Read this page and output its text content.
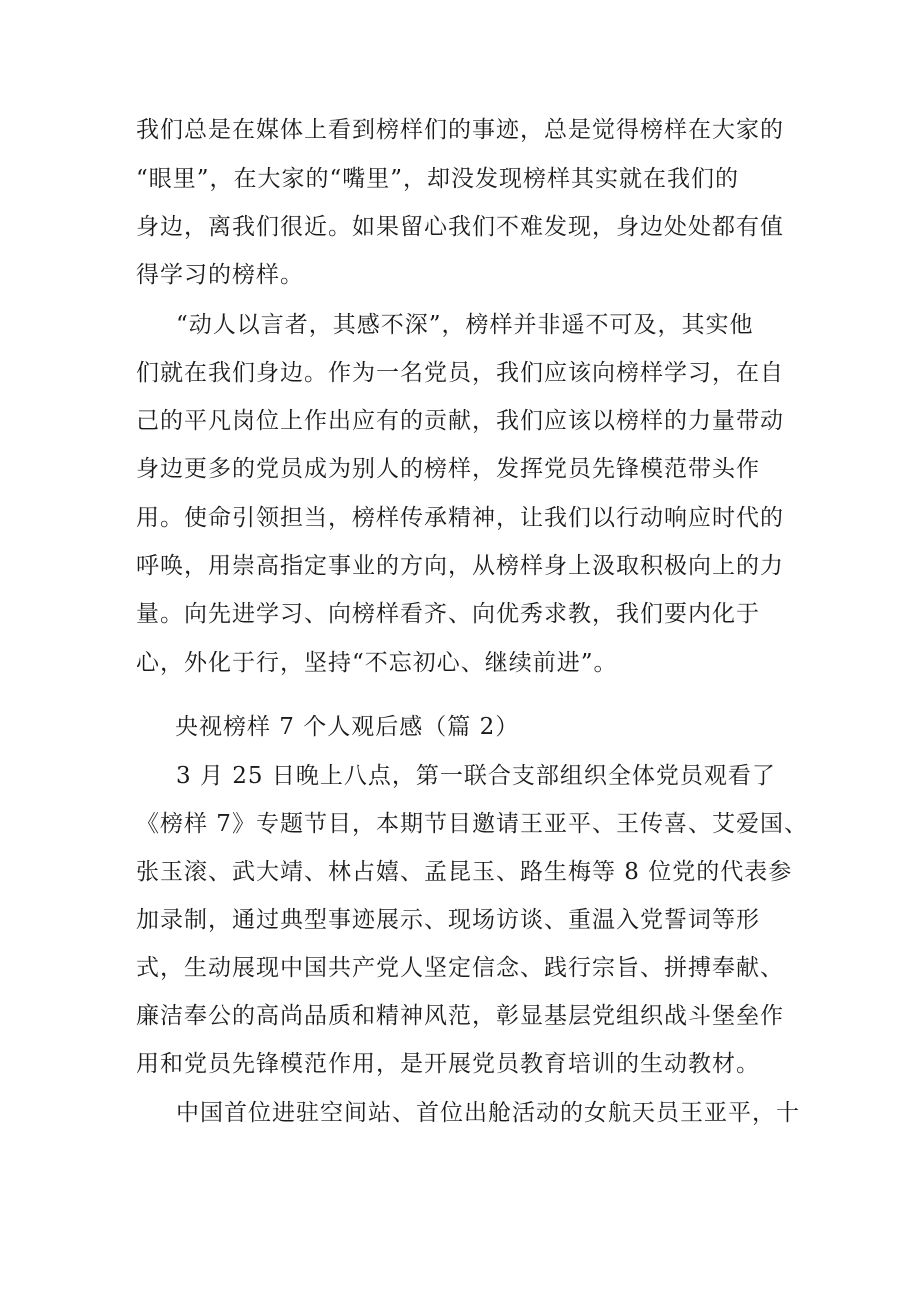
我们总是在媒体上看到榜样们的事迹，总是觉得榜样在大家的
“眼里”，在大家的“嘴里”，却没发现榜样其实就在我们的
身边，离我们很近。如果留心我们不难发现，身边处处都有值
得学习的榜样。
“动人以言者，其感不深”，榜样并非遥不可及，其实他
们就在我们身边。作为一名党员，我们应该向榜样学习，在自
己的平凡岗位上作出应有的贡献，我们应该以榜样的力量带动
身边更多的党员成为别人的榜样，发挥党员先锋模范带头作
用。使命引领担当，榜样传承精神，让我们以行动响应时代的
呼唤，用崇高指定事业的方向，从榜样身上汲取积极向上的力
量。向先进学习、向榜样看齐、向优秀求教，我们要内化于
心，外化于行，坚持“不忘初心、继续前进”。
央视榜样 7 个人观后感（篇 2）
3 月 25 日晚上八点，第一联合支部组织全体党员观看了
《榜样 7》专题节目，本期节目邀请王亚平、王传喜、艾爱国、
张玉滚、武大靖、林占嬉、孟昆玉、路生梅等 8 位党的代表参
加录制，通过典型事迹展示、现场访谈、重温入党誓词等形
式，生动展现中国共产党人坚定信念、践行宗旨、拼搏奉献、
廉洁奉公的高尚品质和精神风范，彰显基层党组织战斗堡垒作
用和党员先锋模范作用，是开展党员教育培训的生动教材。
中国首位进驻空间站、首位出舱活动的女航天员王亚平，十
